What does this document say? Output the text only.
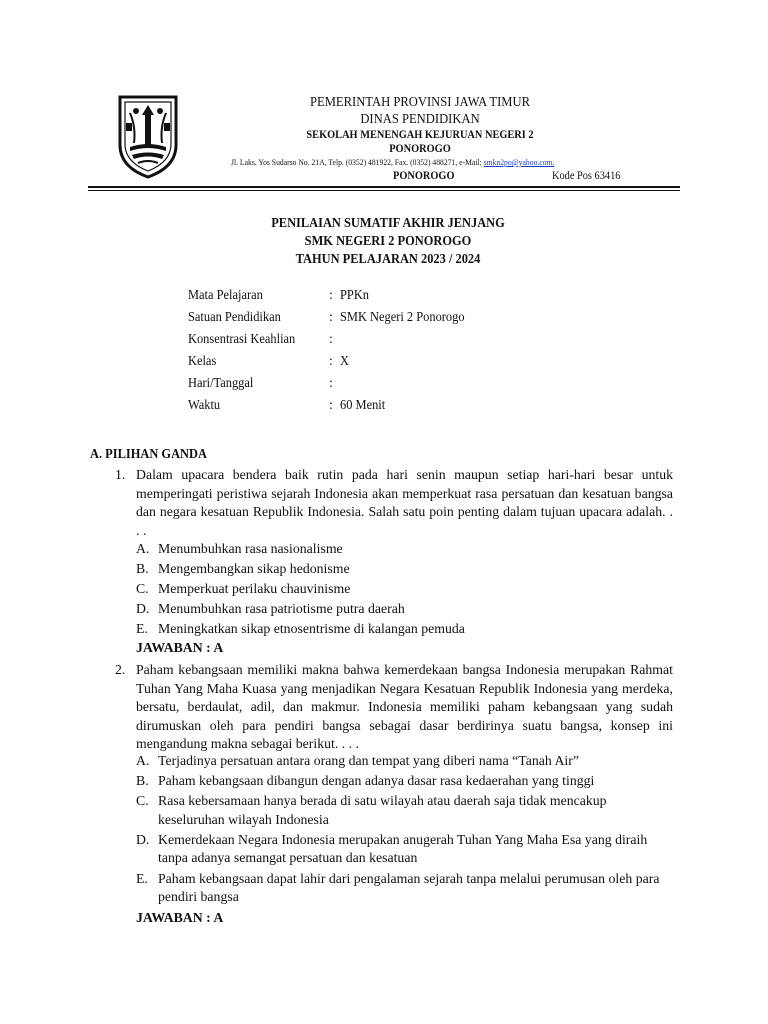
PEMERINTAH PROVINSI JAWA TIMUR
DINAS PENDIDIKAN
SEKOLAH MENENGAH KEJURUAN NEGERI 2
PONOROGO
Jl. Laks. Yos Sudarso No. 21A, Telp. (0352) 481922, Fax. (0352) 488271, e-Mail: smkn2po@yahoo.com.
PONOROGO	Kode Pos 63416
PENILAIAN SUMATIF AKHIR JENJANG
SMK NEGERI 2 PONOROGO
TAHUN PELAJARAN 2023 / 2024
Mata Pelajaran	: PPKn
Satuan Pendidikan	: SMK Negeri 2 Ponorogo
Konsentrasi Keahlian :
Kelas	: X
Hari/Tanggal	:
Waktu	: 60 Menit
A. PILIHAN GANDA
1. Dalam upacara bendera baik rutin pada hari senin maupun setiap hari-hari besar untuk memperingati peristiwa sejarah Indonesia akan memperkuat rasa persatuan dan kesatuan bangsa dan negara kesatuan Republik Indonesia. Salah satu poin penting dalam tujuan upacara adalah. . . .
A. Menumbuhkan rasa nasionalisme
B. Mengembangkan sikap hedonisme
C. Memperkuat perilaku chauvinisme
D. Menumbuhkan rasa patriotisme putra daerah
E. Meningkatkan sikap etnosentrisme di kalangan pemuda
JAWABAN : A
2. Paham kebangsaan memiliki makna bahwa kemerdekaan bangsa Indonesia merupakan Rahmat Tuhan Yang Maha Kuasa yang menjadikan Negara Kesatuan Republik Indonesia yang merdeka, bersatu, berdaulat, adil, dan makmur. Indonesia memiliki paham kebangsaan yang sudah dirumuskan oleh para pendiri bangsa sebagai dasar berdirinya suatu bangsa, konsep ini mengandung makna sebagai berikut. . . .
A. Terjadinya persatuan antara orang dan tempat yang diberi nama “Tanah Air”
B. Paham kebangsaan dibangun dengan adanya dasar rasa kedaerahan yang tinggi
C. Rasa kebersamaan hanya berada di satu wilayah atau daerah saja tidak mencakup keseluruhan wilayah Indonesia
D. Kemerdekaan Negara Indonesia merupakan anugerah Tuhan Yang Maha Esa yang diraih tanpa adanya semangat persatuan dan kesatuan
E. Paham kebangsaan dapat lahir dari pengalaman sejarah tanpa melalui perumusan oleh para pendiri bangsa
JAWABAN : A
